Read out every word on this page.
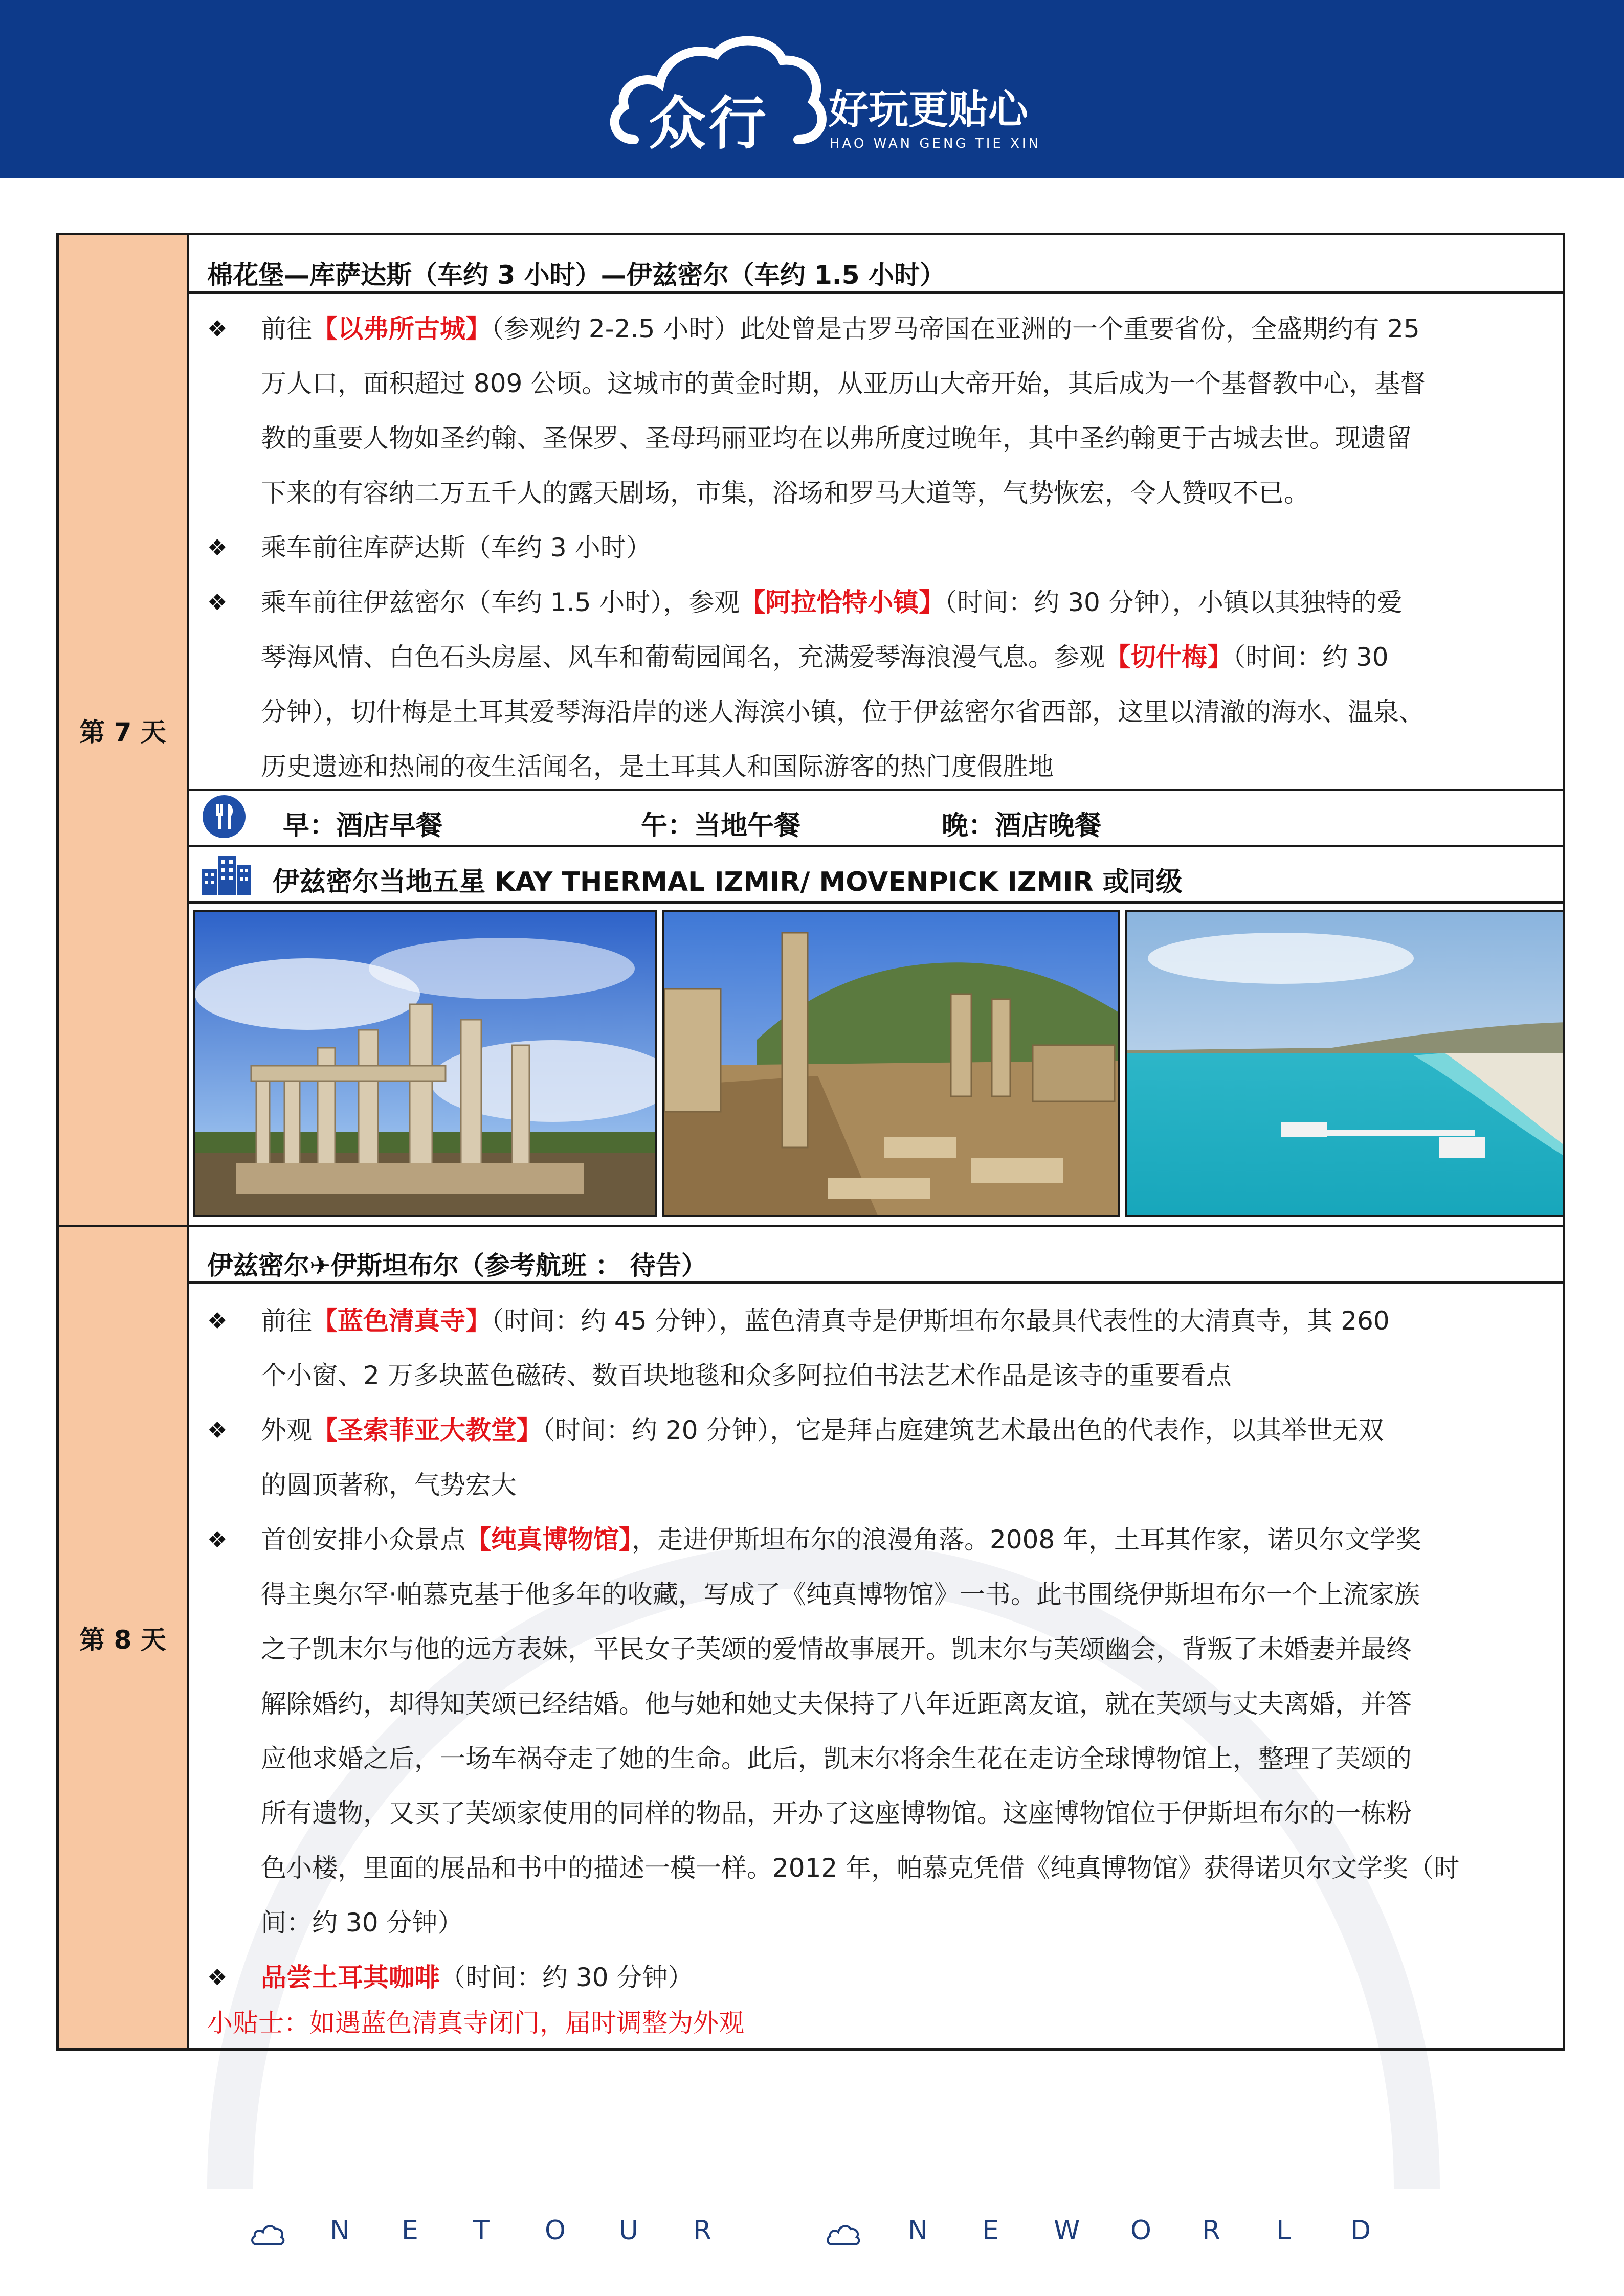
众行 好玩更贴心
HAO WAN GENG TIE XIN
第 7 天
棉花堡—库萨达斯（车约 3 小时）—伊兹密尔（车约 1.5 小时）
❖ 前往【以弗所古城】（参观约 2-2.5 小时）此处曾是古罗马帝国在亚洲的一个重要省份，全盛期约有 25
万人口，面积超过 809 公顷。这城市的黄金时期，从亚历山大帝开始，其后成为一个基督教中心，基督
教的重要人物如圣约翰、圣保罗、圣母玛丽亚均在以弗所度过晚年，其中圣约翰更于古城去世。现遗留
下来的有容纳二万五千人的露天剧场，市集，浴场和罗马大道等，气势恢宏，令人赞叹不已。
❖ 乘车前往库萨达斯（车约 3 小时）
❖ 乘车前往伊兹密尔（车约 1.5 小时），参观【阿拉恰特小镇】（时间：约 30 分钟），小镇以其独特的爱
琴海风情、白色石头房屋、风车和葡萄园闻名，充满爱琴海浪漫气息。参观【切什梅】（时间：约 30
分钟），切什梅是土耳其爱琴海沿岸的迷人海滨小镇，位于伊兹密尔省西部，这里以清澈的海水、温泉、
历史遗迹和热闹的夜生活闻名，是土耳其人和国际游客的热门度假胜地
早：酒店早餐	午：当地午餐	晚：酒店晚餐
伊兹密尔当地五星 KAY THERMAL IZMIR/ MOVENPICK IZMIR 或同级
第 8 天
伊兹密尔✈伊斯坦布尔（参考航班 ： 待告）
❖ 前往【蓝色清真寺】（时间：约 45 分钟），蓝色清真寺是伊斯坦布尔最具代表性的大清真寺，其 260
个小窗、2 万多块蓝色磁砖、数百块地毯和众多阿拉伯书法艺术作品是该寺的重要看点
❖ 外观【圣索菲亚大教堂】（时间：约 20 分钟），它是拜占庭建筑艺术最出色的代表作，以其举世无双
的圆顶著称，气势宏大
❖ 首创安排小众景点【纯真博物馆】，走进伊斯坦布尔的浪漫角落。2008 年，土耳其作家，诺贝尔文学奖
得主奥尔罕·帕慕克基于他多年的收藏，写成了《纯真博物馆》一书。此书围绕伊斯坦布尔一个上流家族
之子凯末尔与他的远方表妹，平民女子芙颂的爱情故事展开。凯末尔与芙颂幽会，背叛了未婚妻并最终
解除婚约，却得知芙颂已经结婚。他与她和她丈夫保持了八年近距离友谊，就在芙颂与丈夫离婚，并答
应他求婚之后，一场车祸夺走了她的生命。此后，凯末尔将余生花在走访全球博物馆上，整理了芙颂的
所有遗物，又买了芙颂家使用的同样的物品，开办了这座博物馆。这座博物馆位于伊斯坦布尔的一栋粉
色小楼，里面的展品和书中的描述一模一样。2012 年，帕慕克凭借《纯真博物馆》获得诺贝尔文学奖（时
间：约 30 分钟）
❖ 品尝土耳其咖啡（时间：约 30 分钟）
小贴士：如遇蓝色清真寺闭门，届时调整为外观
N E T O U R	N E W O R L D
